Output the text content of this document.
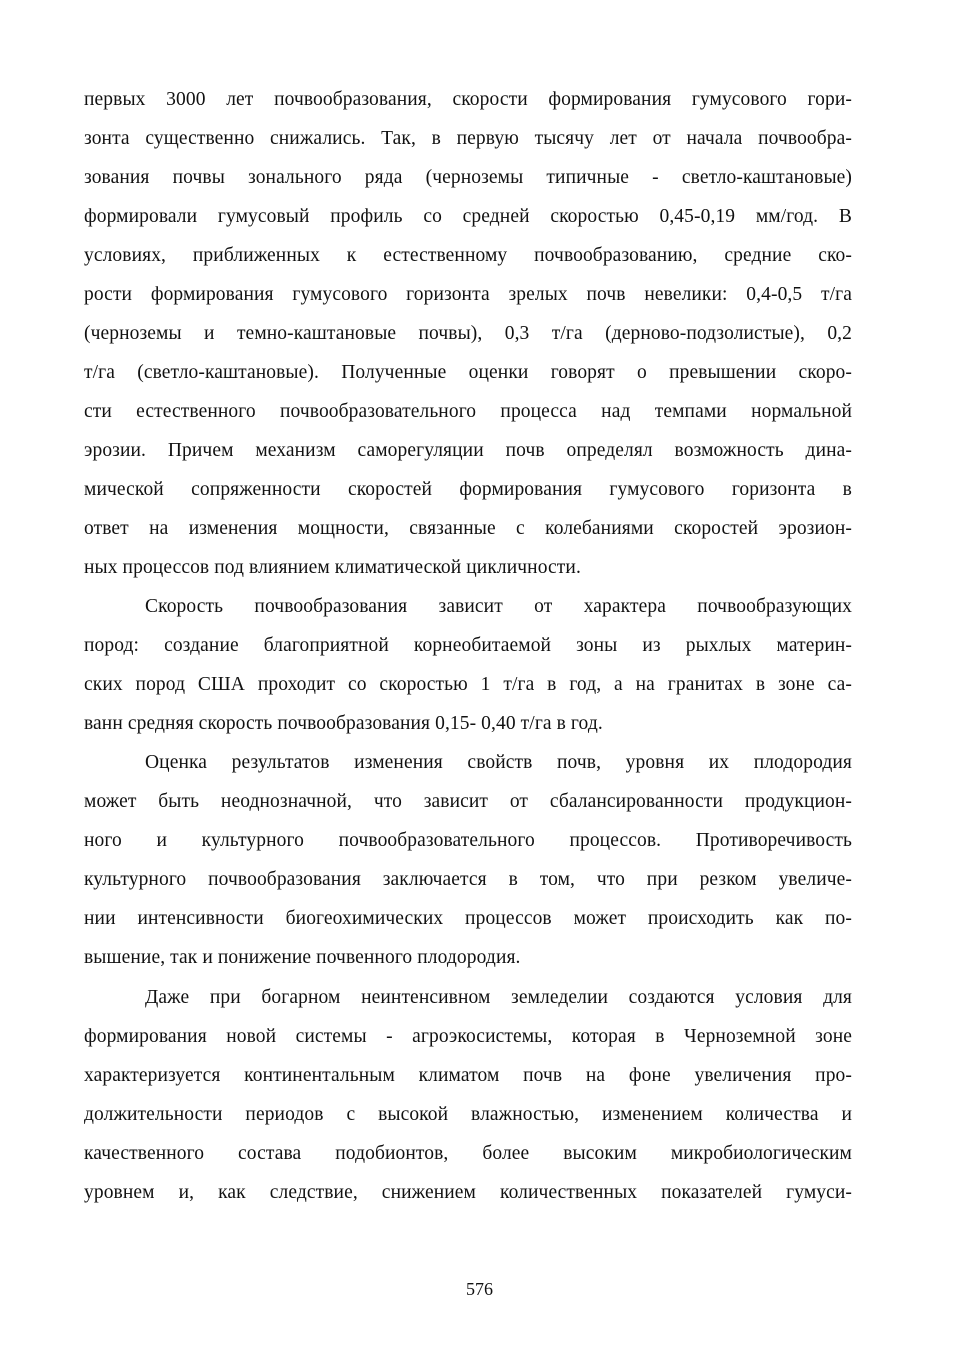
первых 3000 лет почвообразования, скорости формирования гумусового гори-
зонта существенно снижались. Так, в первую тысячу лет от начала почвообра-
зования почвы зонального ряда (черноземы типичные - светло-каштановые)
формировали гумусовый профиль со средней скоростью 0,45-0,19 мм/год. В
условиях, приближенных к естественному почвообразованию, средние ско-
рости формирования гумусового горизонта зрелых почв невелики: 0,4-0,5 т/га
(черноземы и темно-каштановые почвы), 0,3 т/га (дерново-подзолистые), 0,2
т/га (светло-каштановые). Полученные оценки говорят о превышении скоро-
сти естественного почвообразовательного процесса над темпами нормальной
эрозии. Причем механизм саморегуляции почв определял возможность дина-
мической сопряженности скоростей формирования гумусового горизонта в
ответ на изменения мощности, связанные с колебаниями скоростей эрозион-
ных процессов под влиянием климатической цикличности.
Скорость почвообразования зависит от характера почвообразующих
пород: создание благоприятной корнеобитаемой зоны из рыхлых материн-
ских пород США проходит со скоростью 1 т/га в год, а на гранитах в зоне са-
ванн средняя скорость почвообразования 0,15- 0,40 т/га в год.
Оценка результатов изменения свойств почв, уровня их плодородия
может быть неоднозначной, что зависит от сбалансированности продукцион-
ного и культурного почвообразовательного процессов. Противоречивость
культурного почвообразования заключается в том, что при резком увеличе-
нии интенсивности биогеохимических процессов может происходить как по-
вышение, так и понижение почвенного плодородия.
Даже при богарном неинтенсивном земледелии создаются условия для
формирования новой системы - агроэкосистемы, которая в Черноземной зоне
характеризуется континентальным климатом почв на фоне увеличения про-
должительности периодов с высокой влажностью, изменением количества и
качественного состава подобионтов, более высоким микробиологическим
уровнем и, как следствие, снижением количественных показателей гумуси-
576
